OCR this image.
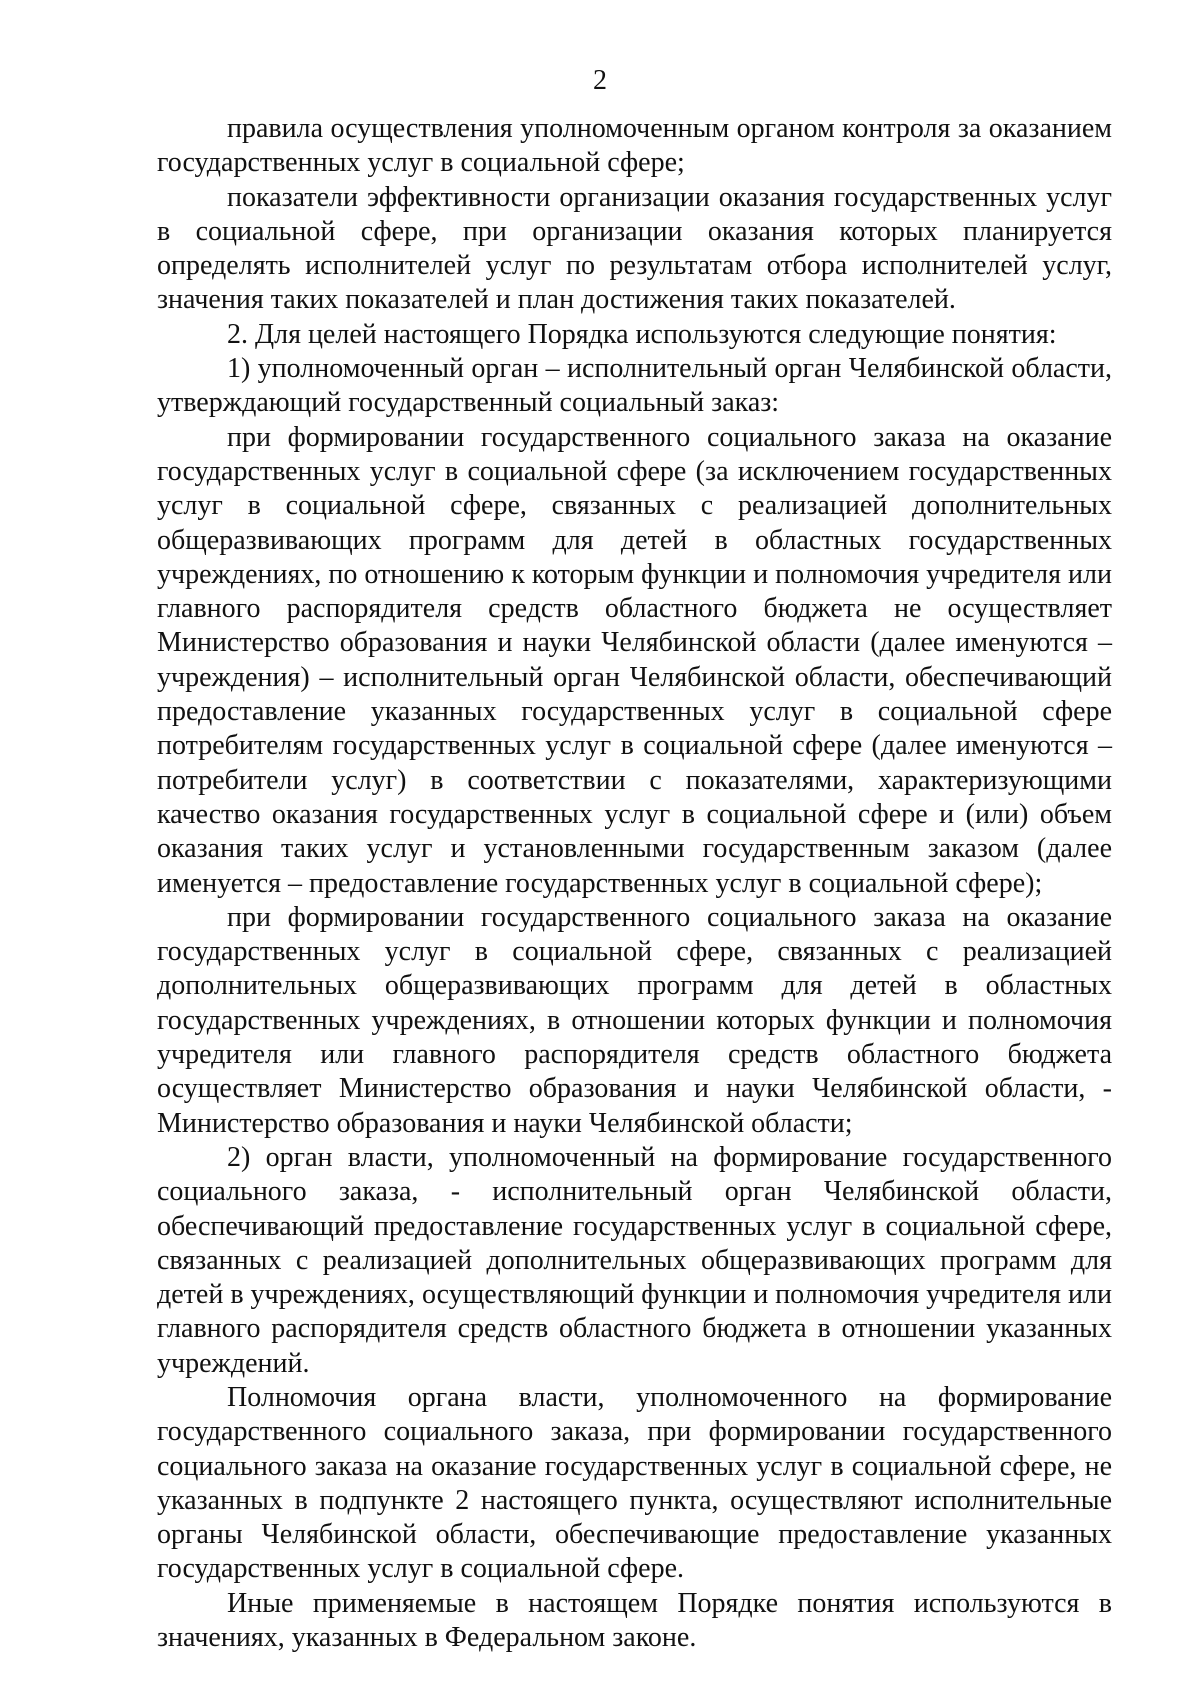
2

правила осуществления уполномоченным органом контроля за оказанием государственных услуг в социальной сфере;

показатели эффективности организации оказания государственных услуг в социальной сфере, при организации оказания которых планируется определять исполнителей услуг по результатам отбора исполнителей услуг, значения таких показателей и план достижения таких показателей.

2. Для целей настоящего Порядка используются следующие понятия:

1) уполномоченный орган – исполнительный орган Челябинской области, утверждающий государственный социальный заказ:

при формировании государственного социального заказа на оказание государственных услуг в социальной сфере (за исключением государственных услуг в социальной сфере, связанных с реализацией дополнительных общеразвивающих программ для детей в областных государственных учреждениях, по отношению к которым функции и полномочия учредителя или главного распорядителя средств областного бюджета не осуществляет Министерство образования и науки Челябинской области (далее именуются – учреждения) – исполнительный орган Челябинской области, обеспечивающий предоставление указанных государственных услуг в социальной сфере потребителям государственных услуг в социальной сфере (далее именуются – потребители услуг) в соответствии с показателями, характеризующими качество оказания государственных услуг в социальной сфере и (или) объем оказания таких услуг и установленными государственным заказом (далее именуется – предоставление государственных услуг в социальной сфере);

при формировании государственного социального заказа на оказание государственных услуг в социальной сфере, связанных с реализацией дополнительных общеразвивающих программ для детей в областных государственных учреждениях, в отношении которых функции и полномочия учредителя или главного распорядителя средств областного бюджета осуществляет Министерство образования и науки Челябинской области, - Министерство образования и науки Челябинской области;

2) орган власти, уполномоченный на формирование государственного социального заказа, - исполнительный орган Челябинской области, обеспечивающий предоставление государственных услуг в социальной сфере, связанных с реализацией дополнительных общеразвивающих программ для детей в учреждениях, осуществляющий функции и полномочия учредителя или главного распорядителя средств областного бюджета в отношении указанных учреждений.

Полномочия органа власти, уполномоченного на формирование государственного социального заказа, при формировании государственного социального заказа на оказание государственных услуг в социальной сфере, не указанных в подпункте 2 настоящего пункта, осуществляют исполнительные органы Челябинской области, обеспечивающие предоставление указанных государственных услуг в социальной сфере.

Иные применяемые в настоящем Порядке понятия используются в значениях, указанных в Федеральном законе.
